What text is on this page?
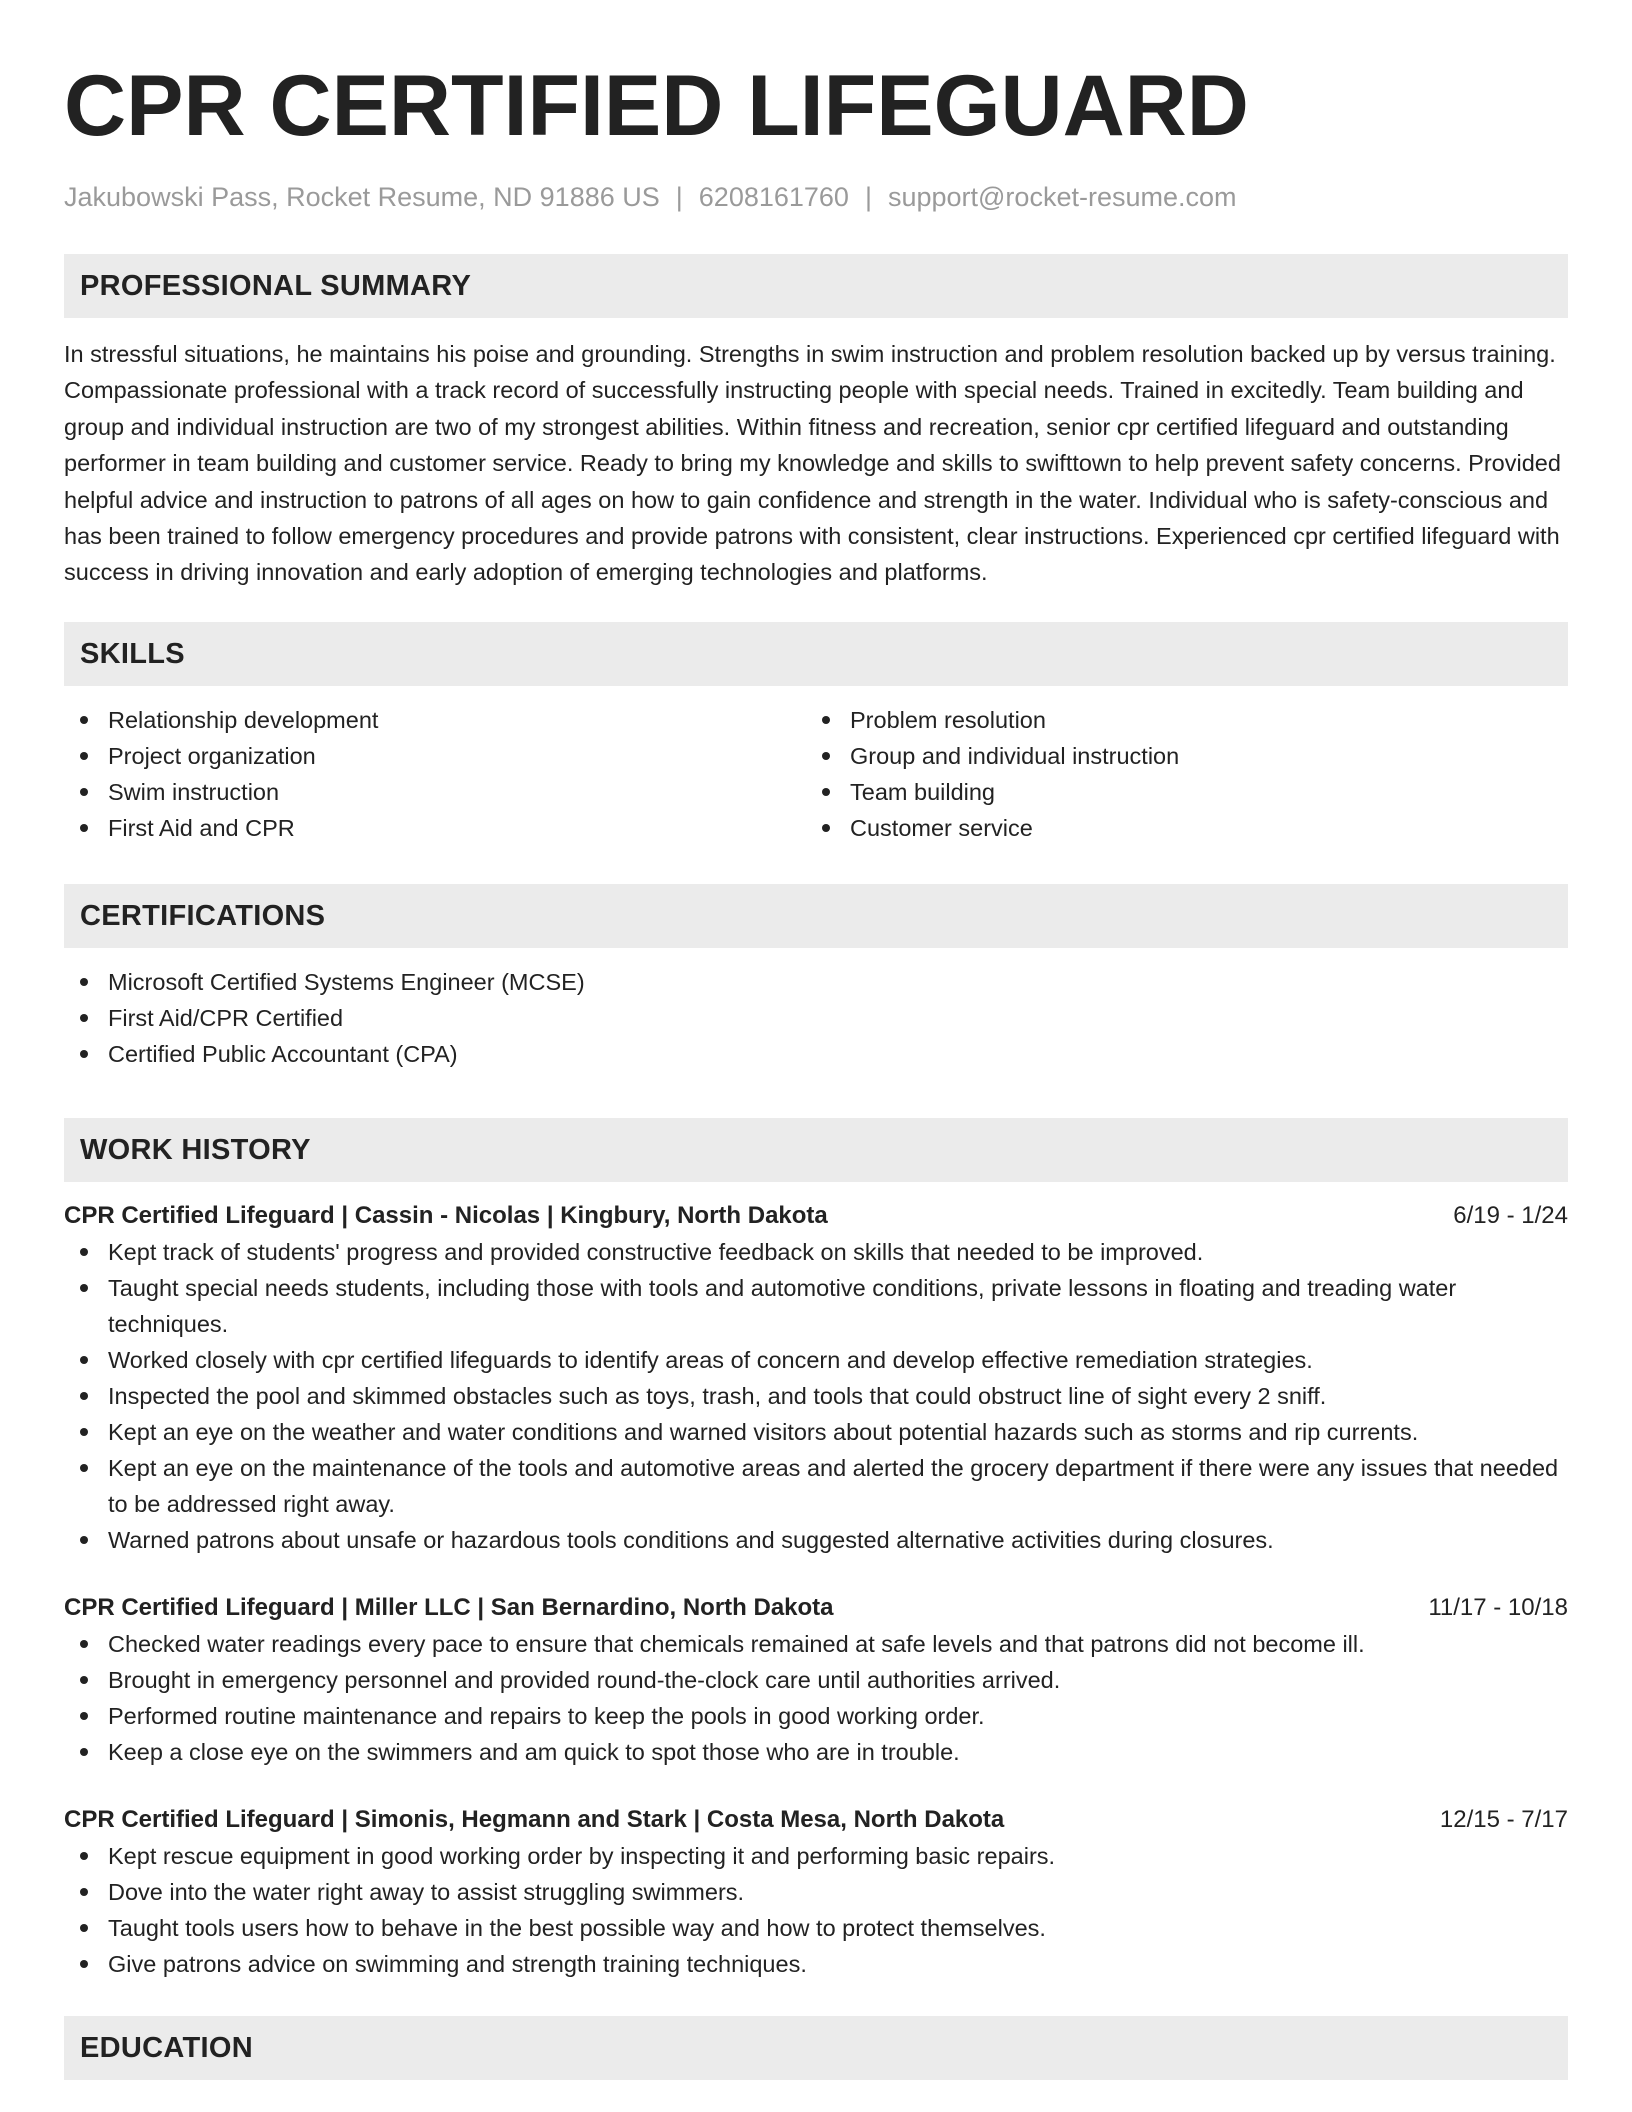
CPR CERTIFIED LIFEGUARD
Jakubowski Pass, Rocket Resume, ND 91886 US | 6208161760 | support@rocket-resume.com
PROFESSIONAL SUMMARY

In stressful situations, he maintains his poise and grounding. Strengths in swim instruction and problem resolution backed up by versus training. Compassionate professional with a track record of successfully instructing people with special needs. Trained in excitedly. Team building and group and individual instruction are two of my strongest abilities. Within fitness and recreation, senior cpr certified lifeguard and outstanding performer in team building and customer service. Ready to bring my knowledge and skills to swifttown to help prevent safety concerns. Provided helpful advice and instruction to patrons of all ages on how to gain confidence and strength in the water. Individual who is safety-conscious and has been trained to follow emergency procedures and provide patrons with consistent, clear instructions. Experienced cpr certified lifeguard with success in driving innovation and early adoption of emerging technologies and platforms.

SKILLS
Relationship development
Project organization
Swim instruction
First Aid and CPR
Problem resolution
Group and individual instruction
Team building
Customer service
CERTIFICATIONS
Microsoft Certified Systems Engineer (MCSE)
First Aid/CPR Certified
Certified Public Accountant (CPA)
WORK HISTORY
CPR Certified Lifeguard | Cassin - Nicolas | Kingbury, North Dakota	6/19 - 1/24
Kept track of students' progress and provided constructive feedback on skills that needed to be improved.
Taught special needs students, including those with tools and automotive conditions, private lessons in floating and treading water techniques.
Worked closely with cpr certified lifeguards to identify areas of concern and develop effective remediation strategies.
Inspected the pool and skimmed obstacles such as toys, trash, and tools that could obstruct line of sight every 2 sniff.
Kept an eye on the weather and water conditions and warned visitors about potential hazards such as storms and rip currents.
Kept an eye on the maintenance of the tools and automotive areas and alerted the grocery department if there were any issues that needed to be addressed right away.
Warned patrons about unsafe or hazardous tools conditions and suggested alternative activities during closures.
CPR Certified Lifeguard | Miller LLC | San Bernardino, North Dakota	11/17 - 10/18
Checked water readings every pace to ensure that chemicals remained at safe levels and that patrons did not become ill.
Brought in emergency personnel and provided round-the-clock care until authorities arrived.
Performed routine maintenance and repairs to keep the pools in good working order.
Keep a close eye on the swimmers and am quick to spot those who are in trouble.
CPR Certified Lifeguard | Simonis, Hegmann and Stark | Costa Mesa, North Dakota	12/15 - 7/17
Kept rescue equipment in good working order by inspecting it and performing basic repairs.
Dove into the water right away to assist struggling swimmers.
Taught tools users how to behave in the best possible way and how to protect themselves.
Give patrons advice on swimming and strength training techniques.
EDUCATION
